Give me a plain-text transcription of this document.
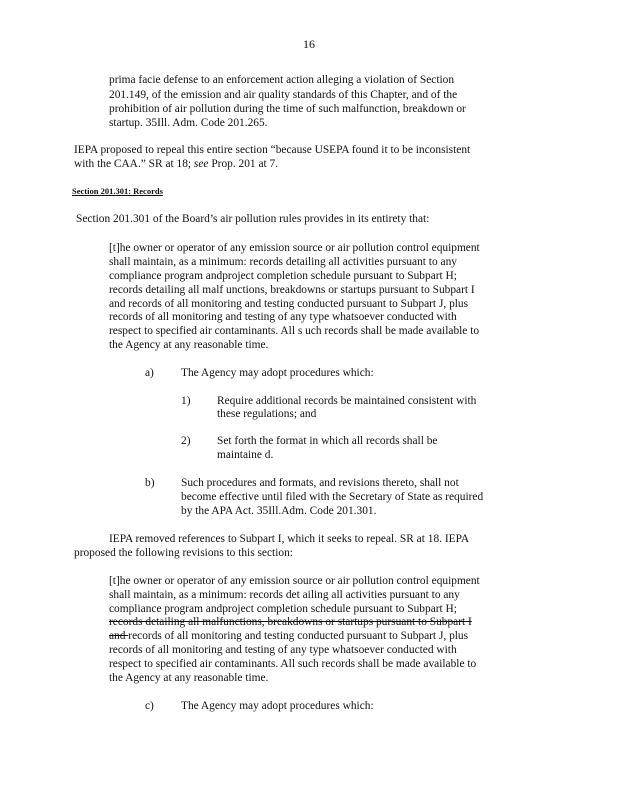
16
prima facie defense to an enforcement action alleging a violation of Section
201.149, of the emission and air quality standards of this Chapter, and of the
prohibition of air pollution during the time of such malfunction, breakdown or
startup. 35Ill. Adm. Code 201.265.
IEPA proposed to repeal this entire section “because USEPA found it to be inconsistent
with the CAA.” SR at 18; see Prop. 201 at 7.
Section 201.301: Records
Section 201.301 of the Board’s air pollution rules provides in its entirety that:
[t]he owner or operator of any emission source or air pollution control equipment
shall maintain, as a minimum: records detailing all activities pursuant to any
compliance program andproject completion schedule pursuant to Subpart H;
records detailing all malf unctions, breakdowns or startups pursuant to Subpart I
and records of all monitoring and testing conducted pursuant to Subpart J, plus
records of all monitoring and testing of any type whatsoever conducted with
respect to specified air contaminants. All s uch records shall be made available to
the Agency at any reasonable time.
a) The Agency may adopt procedures which:
1) Require additional records be maintained consistent with
these regulations; and
2) Set forth the format in which all records shall be
maintaine d.
b) Such procedures and formats, and revisions thereto, shall not
become effective until filed with the Secretary of State as required
by the APA Act. 35Ill.Adm. Code 201.301.
IEPA removed references to Subpart I, which it seeks to repeal. SR at 18. IEPA
proposed the following revisions to this section:
[t]he owner or operator of any emission source or air pollution control equipment
shall maintain, as a minimum: records det ailing all activities pursuant to any
compliance program andproject completion schedule pursuant to Subpart H;
records detailing all malfunctions, breakdowns or startups pursuant to Subpart I
and records of all monitoring and testing conducted pursuant to Subpart J, plus
records of all monitoring and testing of any type whatsoever conducted with
respect to specified air contaminants. All such records shall be made available to
the Agency at any reasonable time.
c) The Agency may adopt procedures which:
